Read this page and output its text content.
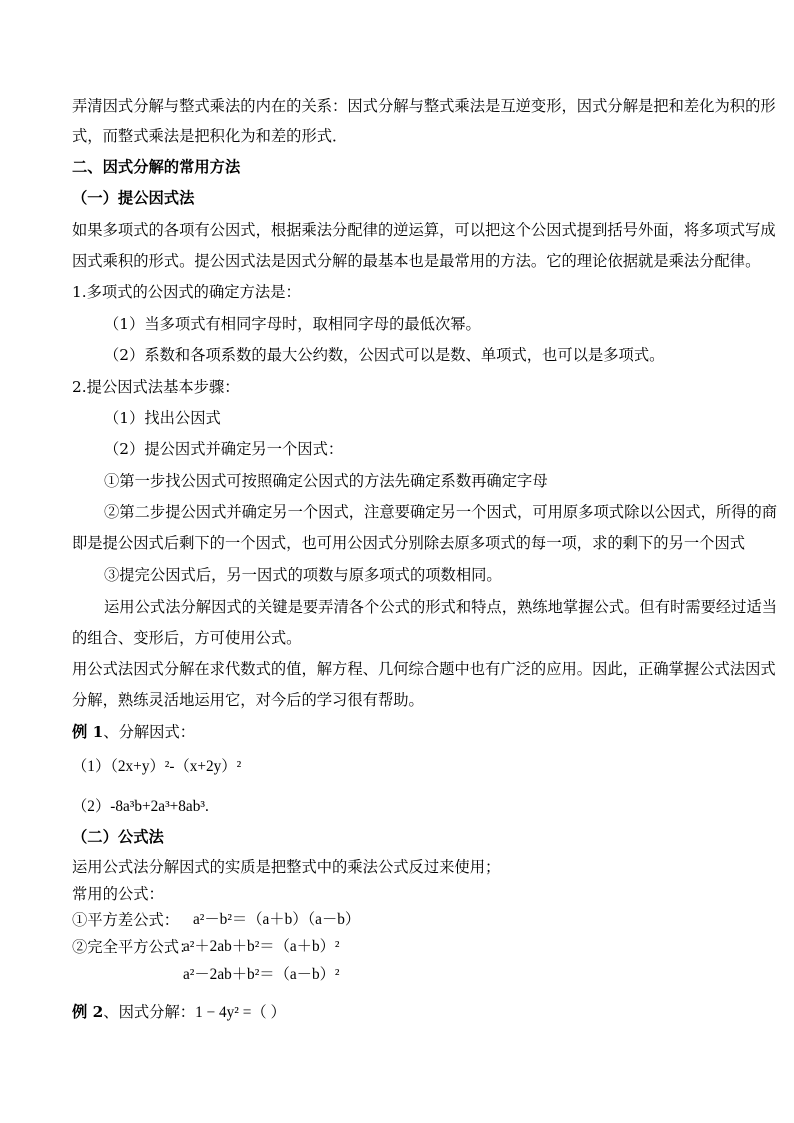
弄清因式分解与整式乘法的内在的关系：因式分解与整式乘法是互逆变形，因式分解是把和差化为积的形
式，而整式乘法是把积化为和差的形式．
二、因式分解的常用方法
（一）提公因式法
如果多项式的各项有公因式，根据乘法分配律的逆运算，可以把这个公因式提到括号外面，将多项式写成
因式乘积的形式。提公因式法是因式分解的最基本也是最常用的方法。它的理论依据就是乘法分配律。
1.多项式的公因式的确定方法是：
（1）当多项式有相同字母时，取相同字母的最低次幂。
（2）系数和各项系数的最大公约数，公因式可以是数、单项式，也可以是多项式。
2.提公因式法基本步骤：
（1）找出公因式
（2）提公因式并确定另一个因式：
①第一步找公因式可按照确定公因式的方法先确定系数再确定字母
②第二步提公因式并确定另一个因式，注意要确定另一个因式，可用原多项式除以公因式，所得的商
即是提公因式后剩下的一个因式，也可用公因式分别除去原多项式的每一项，求的剩下的另一个因式
③提完公因式后，另一因式的项数与原多项式的项数相同。
运用公式法分解因式的关键是要弄清各个公式的形式和特点，熟练地掌握公式。但有时需要经过适当
的组合、变形后，方可使用公式。
用公式法因式分解在求代数式的值，解方程、几何综合题中也有广泛的应用。因此，正确掌握公式法因式
分解，熟练灵活地运用它，对今后的学习很有帮助。
例 1、分解因式：
（1）（2x+y）²-（x+2y）²
（2）-8a³b+2a³+8ab³.
（二）公式法
运用公式法分解因式的实质是把整式中的乘法公式反过来使用；
常用的公式：
①平方差公式： a²－b²＝（a＋b）（a－b）
②完全平方公式：
a²＋2ab＋b²＝（a＋b）²
a²－2ab＋b²＝（a－b）²
例 2、因式分解：1 − 4y² =（ ）
